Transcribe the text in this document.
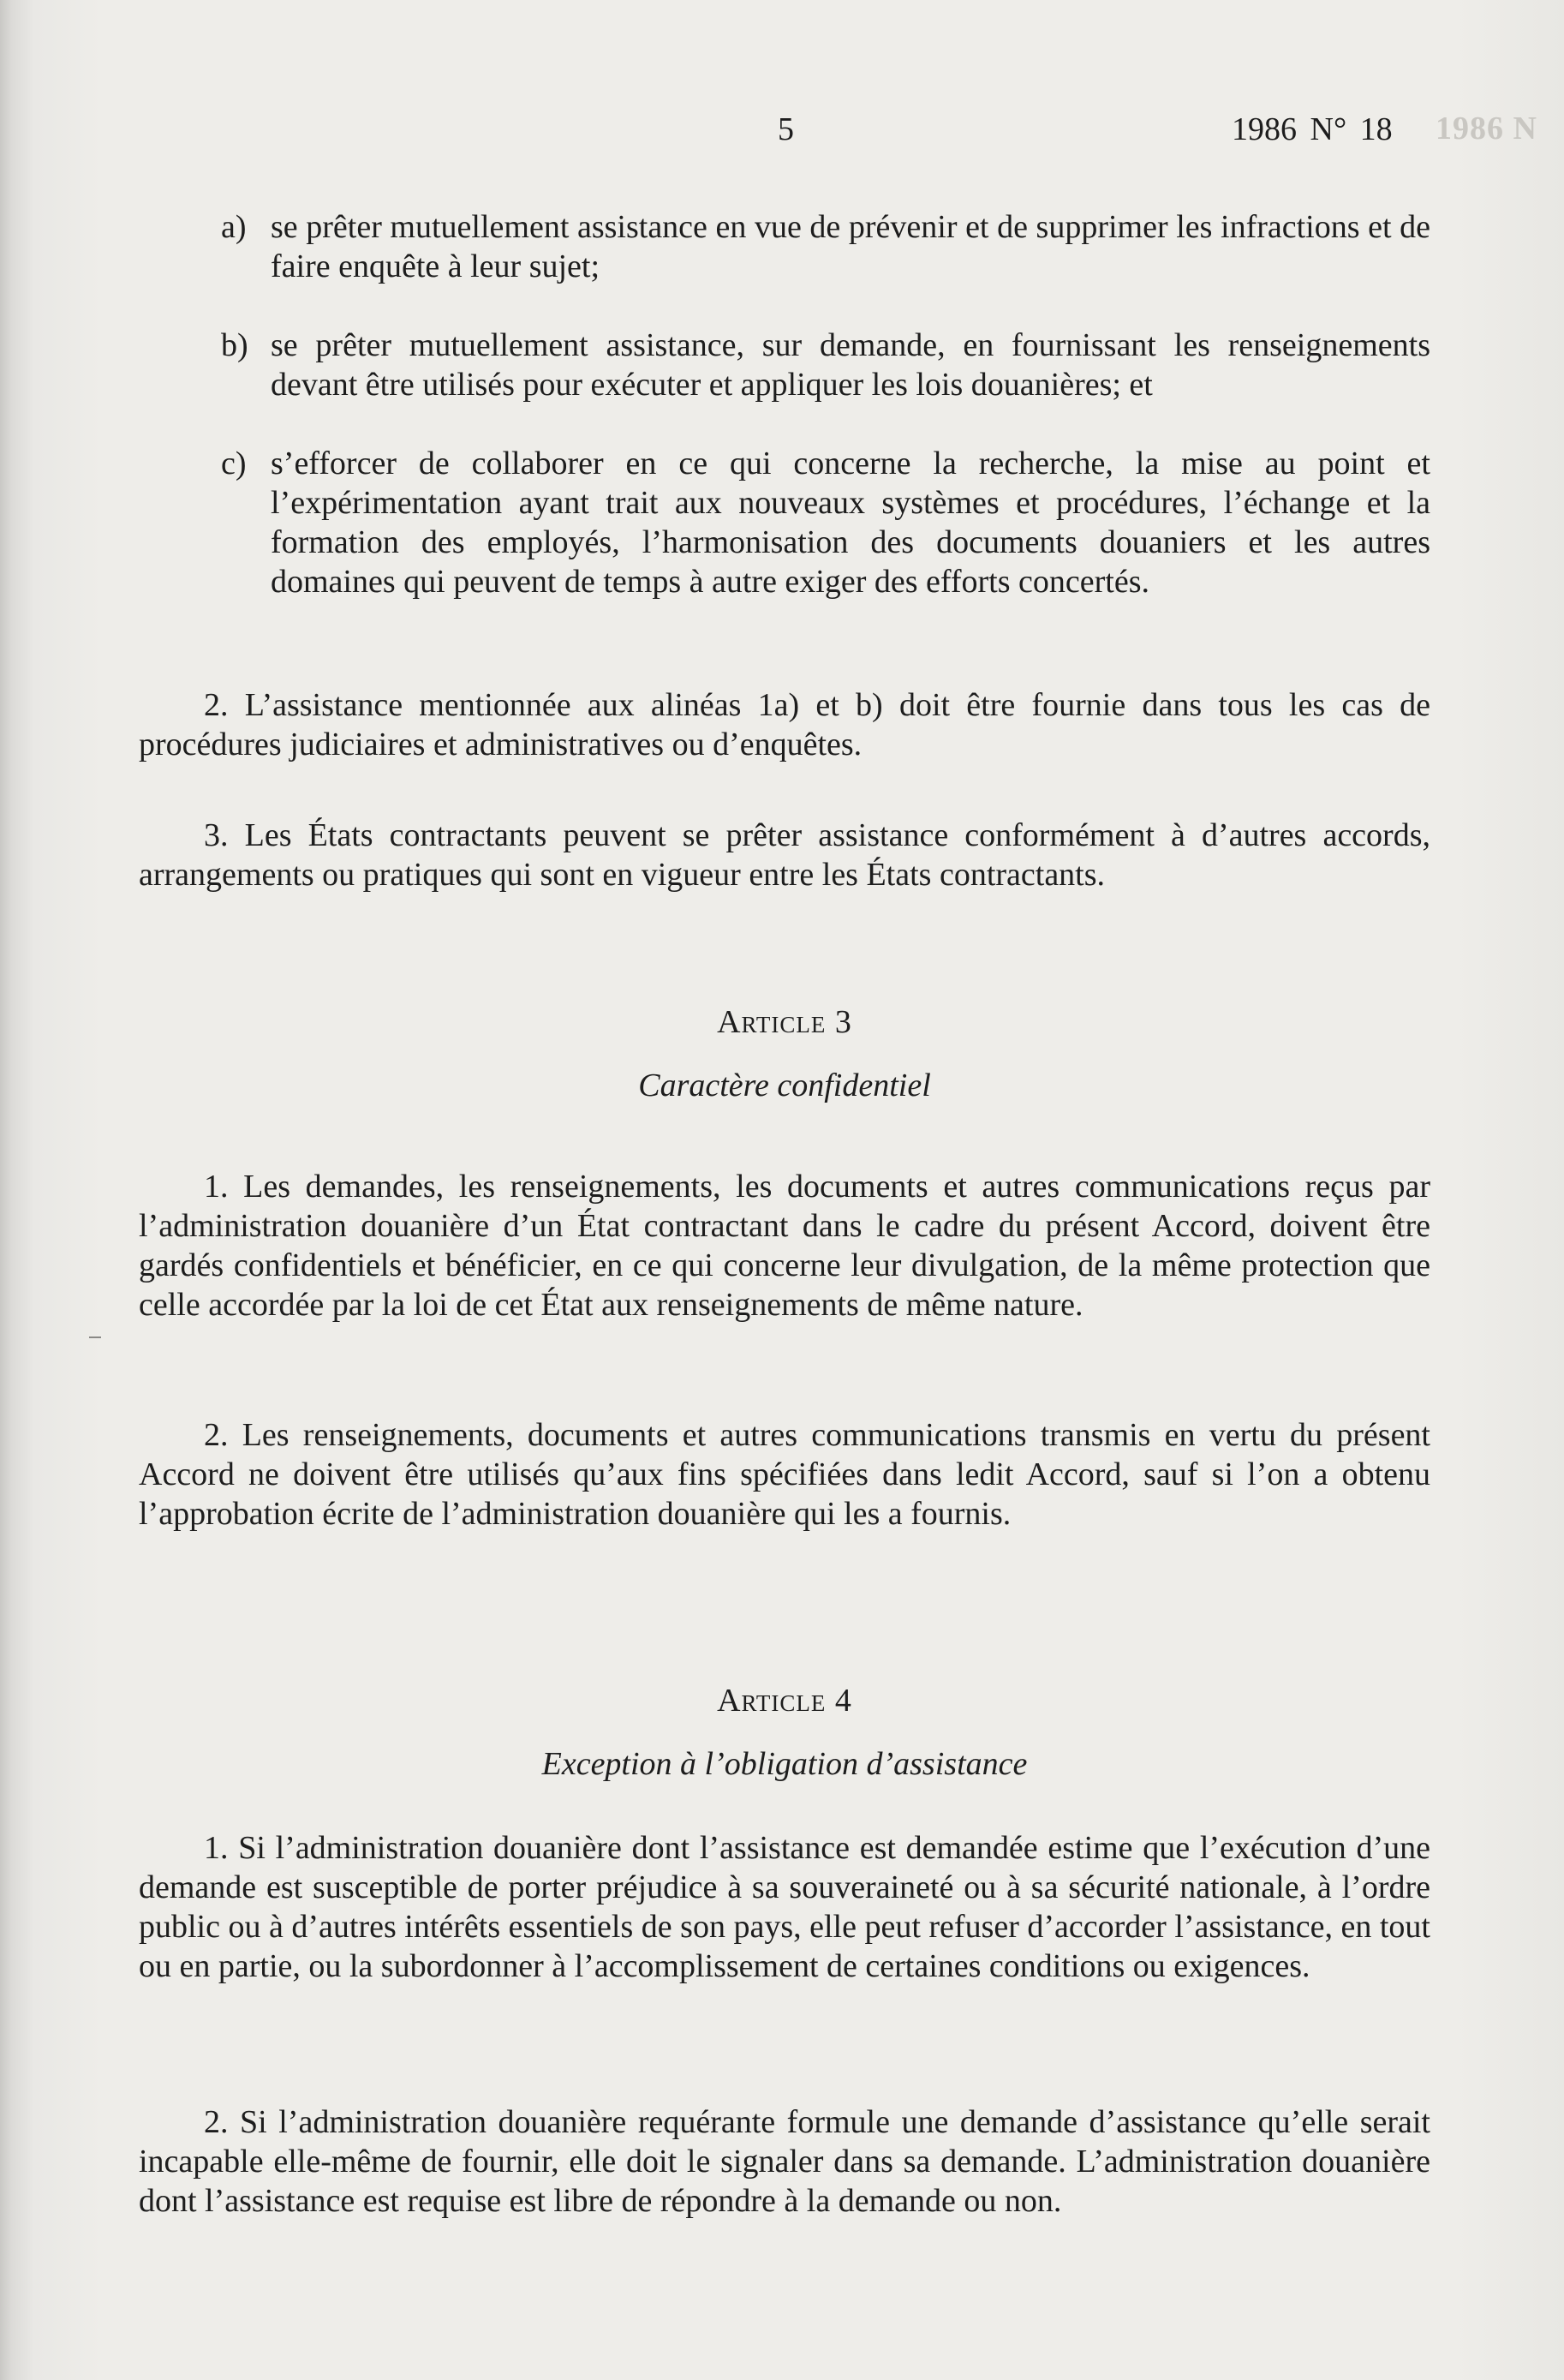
1986 N
5	1986 N° 18
a) se prêter mutuellement assistance en vue de prévenir et de supprimer les infractions et de faire enquête à leur sujet;
b) se prêter mutuellement assistance, sur demande, en fournissant les renseignements devant être utilisés pour exécuter et appliquer les lois douanières; et
c) s’efforcer de collaborer en ce qui concerne la recherche, la mise au point et l’expérimentation ayant trait aux nouveaux systèmes et procédures, l’échange et la formation des employés, l’harmonisation des documents douaniers et les autres domaines qui peuvent de temps à autre exiger des efforts concertés.

2. L’assistance mentionnée aux alinéas 1a) et b) doit être fournie dans tous les cas de procédures judiciaires et administratives ou d’enquêtes.

3. Les États contractants peuvent se prêter assistance conformément à d’autres accords, arrangements ou pratiques qui sont en vigueur entre les États contractants.

Article 3
Caractère confidentiel

1. Les demandes, les renseignements, les documents et autres communications reçus par l’administration douanière d’un État contractant dans le cadre du présent Accord, doivent être gardés confidentiels et bénéficier, en ce qui concerne leur divulgation, de la même protection que celle accordée par la loi de cet État aux renseignements de même nature.

2. Les renseignements, documents et autres communications transmis en vertu du présent Accord ne doivent être utilisés qu’aux fins spécifiées dans ledit Accord, sauf si l’on a obtenu l’approbation écrite de l’administration douanière qui les a fournis.

Article 4
Exception à l’obligation d’assistance

1. Si l’administration douanière dont l’assistance est demandée estime que l’exécution d’une demande est susceptible de porter préjudice à sa souveraineté ou à sa sécurité nationale, à l’ordre public ou à d’autres intérêts essentiels de son pays, elle peut refuser d’accorder l’assistance, en tout ou en partie, ou la subordonner à l’accomplissement de certaines conditions ou exigences.

2. Si l’administration douanière requérante formule une demande d’assistance qu’elle serait incapable elle-même de fournir, elle doit le signaler dans sa demande. L’administration douanière dont l’assistance est requise est libre de répondre à la demande ou non.
